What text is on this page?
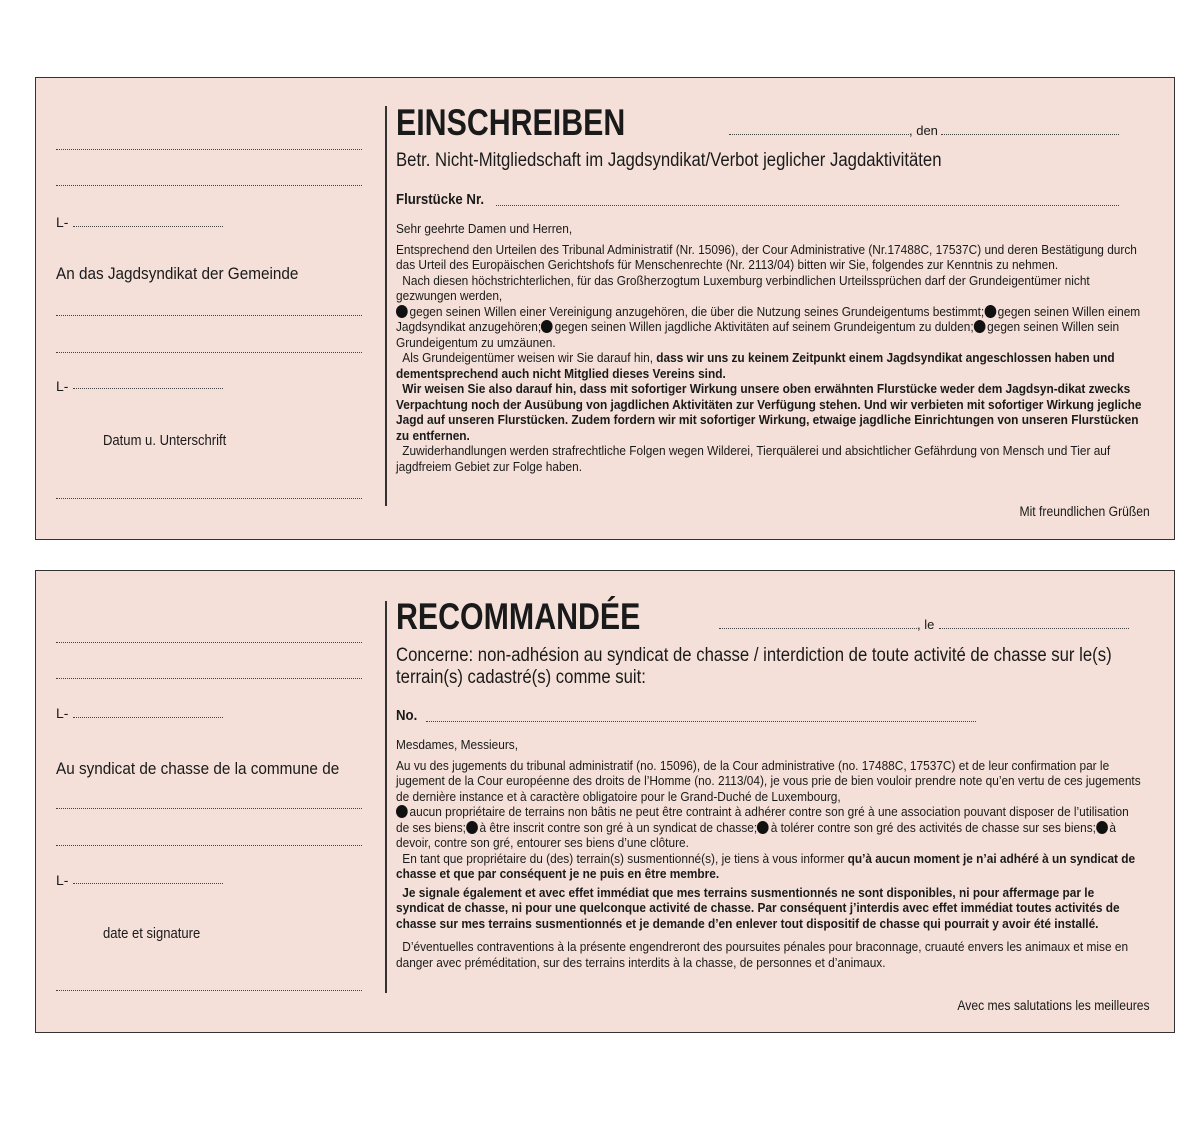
L-
An das Jagdsyndikat der Gemeinde
L-
Datum u. Unterschrift
EINSCHREIBEN	, den
Betr. Nicht-Mitgliedschaft im Jagdsyndikat/Verbot jeglicher Jagdaktivitäten
Flurstücke Nr.

Sehr geehrte Damen und Herren,

Entsprechend den Urteilen des Tribunal Administratif (Nr. 15096), der Cour Administrative (Nr.17488C, 17537C) und deren Bestätigung durch das Urteil des Europäischen Gerichtshofs für Menschenrechte (Nr. 2113/04) bitten wir Sie, folgendes zur Kenntnis zu nehmen.

Nach diesen höchstrichterlichen, für das Großherzogtum Luxemburg verbindlichen Urteilssprüchen darf der Grundeigentümer nicht gezwungen werden,

gegen seinen Willen einer Vereinigung anzugehören, die über die Nutzung seines Grundeigentums bestimmt; gegen seinen Willen einem Jagdsyndikat anzugehören; gegen seinen Willen jagdliche Aktivitäten auf seinem Grundeigentum zu dulden; gegen seinen Willen sein Grundeigentum zu umzäunen.

Als Grundeigentümer weisen wir Sie darauf hin, dass wir uns zu keinem Zeitpunkt einem Jagdsyndikat angeschlossen haben und dementsprechend auch nicht Mitglied dieses Vereins sind.

Wir weisen Sie also darauf hin, dass mit sofortiger Wirkung unsere oben erwähnten Flurstücke weder dem Jagdsyn-dikat zwecks Verpachtung noch der Ausübung von jagdlichen Aktivitäten zur Verfügung stehen. Und wir verbieten mit sofortiger Wirkung jegliche Jagd auf unseren Flurstücken. Zudem fordern wir mit sofortiger Wirkung, etwaige jagdliche Einrichtungen von unseren Flurstücken zu entfernen.

Zuwiderhandlungen werden strafrechtliche Folgen wegen Wilderei, Tierquälerei und absichtlicher Gefährdung von Mensch und Tier auf jagdfreiem Gebiet zur Folge haben.

Mit freundlichen Grüßen
L-
Au syndicat de chasse de la commune de
L-
date et signature
RECOMMANDÉE	, le
Concerne: non-adhésion au syndicat de chasse / interdiction de toute activité de chasse sur le(s) terrain(s) cadastré(s) comme suit:
No.

Mesdames, Messieurs,

Au vu des jugements du tribunal administratif (no. 15096), de la Cour administrative (no. 17488C, 17537C) et de leur confirmation par le jugement de la Cour européenne des droits de l’Homme (no. 2113/04), je vous prie de bien vouloir prendre note qu’en vertu de ces jugements de dernière instance et à caractère obligatoire pour le Grand-Duché de Luxembourg,

aucun propriétaire de terrains non bâtis ne peut être contraint à adhérer contre son gré à une association pouvant disposer de l’utilisation de ses biens; à être inscrit contre son gré à un syndicat de chasse; à tolérer contre son gré des activités de chasse sur ses biens; à devoir, contre son gré, entourer ses biens d’une clôture.

En tant que propriétaire du (des) terrain(s) susmentionné(s), je tiens à vous informer qu’à aucun moment je n’ai adhéré à un syndicat de chasse et que par conséquent je ne puis en être membre.

Je signale également et avec effet immédiat que mes terrains susmentionnés ne sont disponibles, ni pour affermage par le syndicat de chasse, ni pour une quelconque activité de chasse. Par conséquent j’interdis avec effet immédiat toutes activités de chasse sur mes terrains susmentionnés et je demande d’en enlever tout dispositif de chasse qui pourrait y avoir été installé.

D’éventuelles contraventions à la présente engendreront des poursuites pénales pour braconnage, cruauté envers les animaux et mise en danger avec préméditation, sur des terrains interdits à la chasse, de personnes et d’animaux.

Avec mes salutations les meilleures
